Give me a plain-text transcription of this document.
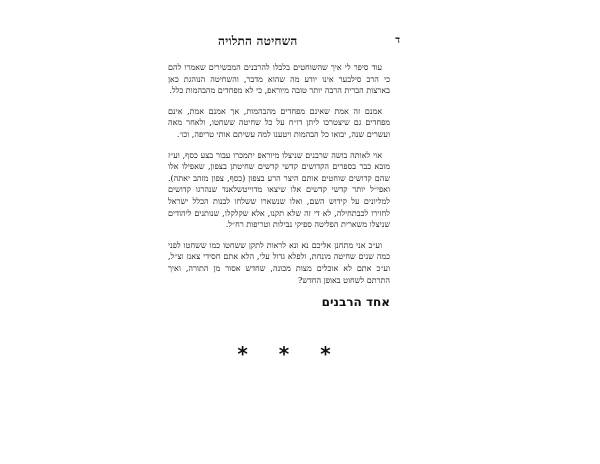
ד
השחיטה התלויה

עוד סיפר לי איך שהשוחטים בלבלו להרבנים המכשירים שאמרו להם כי הרב סילבער אינו יודע מה שהוא מדבר, והשחיטה הנוהגת כאן בארצות הברית הרבה יותר טובה מיוראפ, כי לא מפחדים מהבהמות כלל.

אמנם זה אמת שאינם מפחדים מהבהמות, אך אמנם אמת, אינם מפחדים גם שיצטרכו ליתן דו״ח על כל שחיטה ששחטו, ולאחר מאה ועשרים שנה, יבואו כל הבהמות ויטענו למה עשיתם אותי טריפה, וכו׳.

אוי לאותה בושה שרבנים שניצלו מיוראפ יתמכרו עבור בצע כסף, וע״ז מובא כבר בספרים הקדושים קדשי קדשים שחיטתן בצפון, שאפילו אלו שהם קדושים שוחטים אותם היצר הרע בצפון (כסף, צפון מזהב יאתה). ואפי״ל יותר קדשי קדשים אלו שיצאו מדוייטשלאנד שנהרגו קדושים למליונים על קידוש השם, ואלו שנשארו ששלחו לבנות הכלל ישראל לחזירו לכבתחילה, לא די זה שלא תקנו, אלא שקלקלו, שנותנים ליהודים שניצלו משארית הפליטה ספיקי נבילות וטריפות רח״ל.

וע״כ אני מתחנן אליכם נא ונא לראות לתקן ששחטו כמו ששחטו לפני כמה שנים שחיטה מונחת, ולפלא גדול עלי, הלא אתם חסידי צאנז וצ״ל, וע״כ אתם לא אוכלים מצות מכונה, שחדש אסור מן התורה, ואיך התרתם לשחוט באופן החדש?

אחד הרבנים
* * *
